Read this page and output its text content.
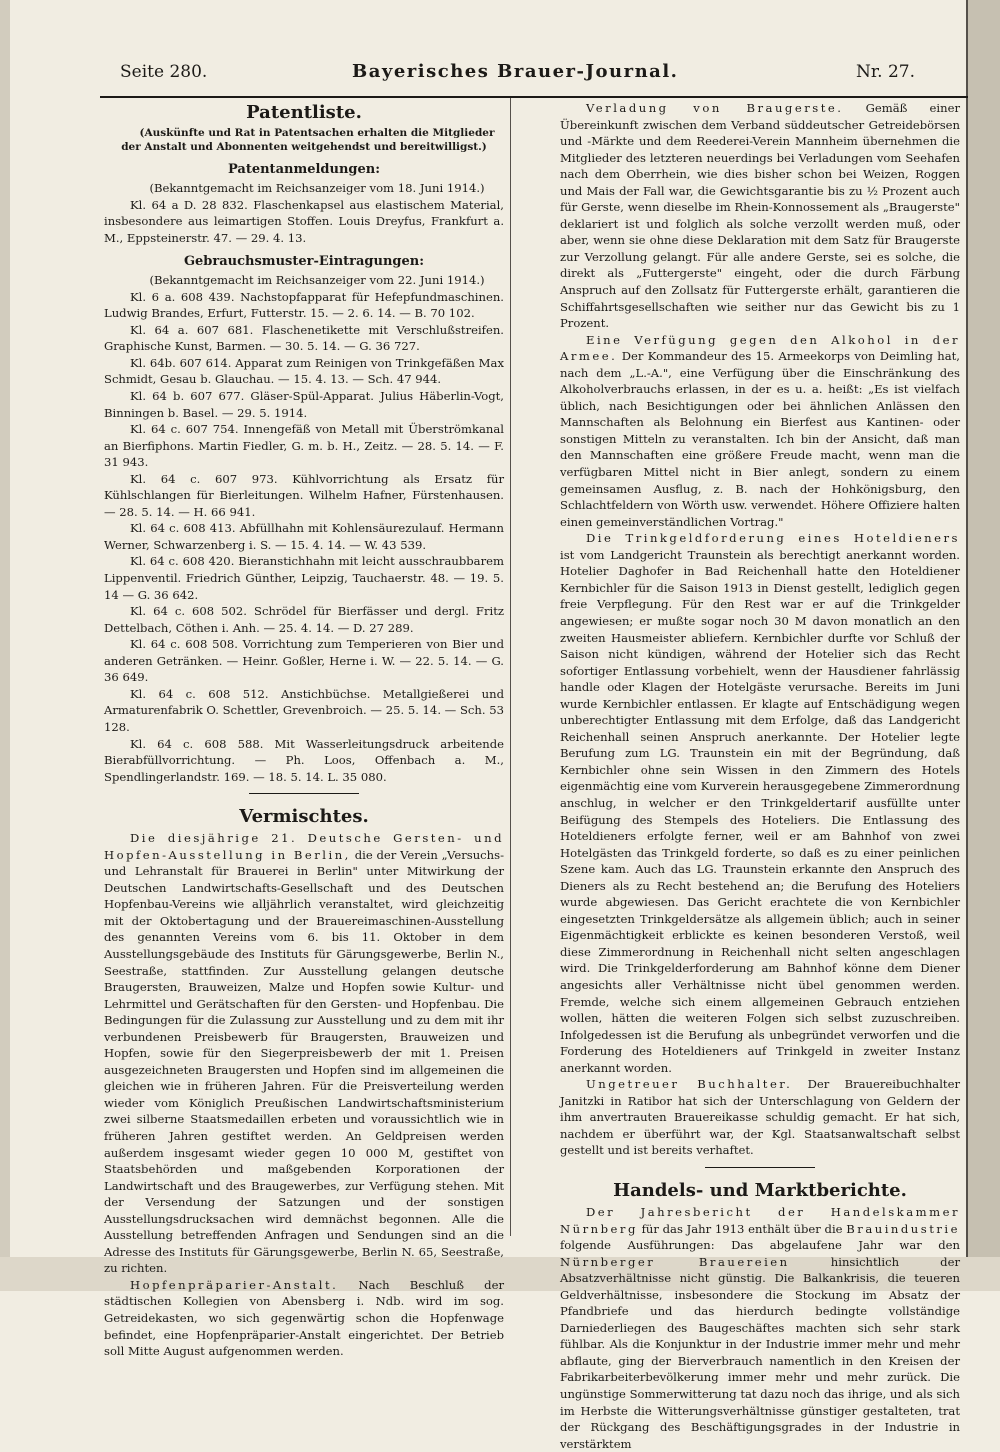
Seite 280.	Bayerisches Brauer-Journal.	Nr. 27.
Patentliste.

(Auskünfte und Rat in Patentsachen erhalten die Mitglieder der Anstalt und Abonnenten weitgehendst und bereitwilligst.)

Patentanmeldungen:

(Bekanntgemacht im Reichsanzeiger vom 18. Juni 1914.)

Kl. 64 a D. 28 832. Flaschenkapsel aus elastischem Material, insbesondere aus leimartigen Stoffen. Louis Dreyfus, Frankfurt a. M., Eppsteinerstr. 47. — 29. 4. 13.

Gebrauchsmuster-Eintragungen:

(Bekanntgemacht im Reichsanzeiger vom 22. Juni 1914.)

Kl. 6 a. 608 439. Nachstopfapparat für Hefepfundmaschinen. Ludwig Brandes, Erfurt, Futterstr. 15. — 2. 6. 14. — B. 70 102.

Kl. 64 a. 607 681. Flaschenetikette mit Verschlußstreifen. Graphische Kunst, Barmen. — 30. 5. 14. — G. 36 727.

Kl. 64b. 607 614. Apparat zum Reinigen von Trinkgefäßen Max Schmidt, Gesau b. Glauchau. — 15. 4. 13. — Sch. 47 944.

Kl. 64 b. 607 677. Gläser-Spül-Apparat. Julius Häberlin-Vogt, Binningen b. Basel. — 29. 5. 1914.

Kl. 64 c. 607 754. Innengefäß von Metall mit Überströmkanal an Bierfiphons. Martin Fiedler, G. m. b. H., Zeitz. — 28. 5. 14. — F. 31 943.

Kl. 64 c. 607 973. Kühlvorrichtung als Ersatz für Kühlschlangen für Bierleitungen. Wilhelm Hafner, Fürstenhausen. — 28. 5. 14. — H. 66 941.

Kl. 64 c. 608 413. Abfüllhahn mit Kohlensäurezulauf. Hermann Werner, Schwarzenberg i. S. — 15. 4. 14. — W. 43 539.

Kl. 64 c. 608 420. Bieranstichhahn mit leicht ausschraubbarem Lippenventil. Friedrich Günther, Leipzig, Tauchaerstr. 48. — 19. 5. 14 — G. 36 642.

Kl. 64 c. 608 502. Schrödel für Bierfässer und dergl. Fritz Dettelbach, Cöthen i. Anh. — 25. 4. 14. — D. 27 289.

Kl. 64 c. 608 508. Vorrichtung zum Temperieren von Bier und anderen Getränken. — Heinr. Goßler, Herne i. W. — 22. 5. 14. — G. 36 649.

Kl. 64 c. 608 512. Anstichbüchse. Metallgießerei und Armaturenfabrik O. Schettler, Grevenbroich. — 25. 5. 14. — Sch. 53 128.

Kl. 64 c. 608 588. Mit Wasserleitungsdruck arbeitende Bierabfüllvorrichtung. — Ph. Loos, Offenbach a. M., Spendlingerlandstr. 169. — 18. 5. 14. L. 35 080.

Vermischtes.

Die diesjährige 21. Deutsche Gersten- und Hopfen-Ausstellung in Berlin, die der Verein „Versuchs- und Lehranstalt für Brauerei in Berlin" unter Mitwirkung der Deutschen Landwirtschafts-Gesellschaft und des Deutschen Hopfenbau-Vereins wie alljährlich veranstaltet, wird gleichzeitig mit der Oktobertagung und der Brauereimaschinen-Ausstellung des genannten Vereins vom 6. bis 11. Oktober in dem Ausstellungsgebäude des Instituts für Gärungsgewerbe, Berlin N., Seestraße, stattfinden. Zur Ausstellung gelangen deutsche Braugersten, Brauweizen, Malze und Hopfen sowie Kultur- und Lehrmittel und Gerätschaften für den Gersten- und Hopfenbau. Die Bedingungen für die Zulassung zur Ausstellung und zu dem mit ihr verbundenen Preisbewerb für Braugersten, Brauweizen und Hopfen, sowie für den Siegerpreisbewerb der mit 1. Preisen ausgezeichneten Braugersten und Hopfen sind im allgemeinen die gleichen wie in früheren Jahren. Für die Preisverteilung werden wieder vom Königlich Preußischen Landwirtschaftsministerium zwei silberne Staatsmedaillen erbeten und voraussichtlich wie in früheren Jahren gestiftet werden. An Geldpreisen werden außerdem insgesamt wieder gegen 10 000 M, gestiftet von Staatsbehörden und maßgebenden Korporationen der Landwirtschaft und des Braugewerbes, zur Verfügung stehen. Mit der Versendung der Satzungen und der sonstigen Ausstellungsdrucksachen wird demnächst begonnen. Alle die Ausstellung betreffenden Anfragen und Sendungen sind an die Adresse des Instituts für Gärungsgewerbe, Berlin N. 65, Seestraße, zu richten.

Hopfenpräparier-Anstalt. Nach Beschluß der städtischen Kollegien von Abensberg i. Ndb. wird im sog. Getreidekasten, wo sich gegenwärtig schon die Hopfenwage befindet, eine Hopfenpräparier-Anstalt eingerichtet. Der Betrieb soll Mitte August aufgenommen werden.

Verladung von Braugerste. Gemäß einer Übereinkunft zwischen dem Verband süddeutscher Getreidebörsen und -Märkte und dem Reederei-Verein Mannheim übernehmen die Mitglieder des letzteren neuerdings bei Verladungen vom Seehafen nach dem Oberrhein, wie dies bisher schon bei Weizen, Roggen und Mais der Fall war, die Gewichtsgarantie bis zu ½ Prozent auch für Gerste, wenn dieselbe im Rhein-Konnossement als „Braugerste" deklariert ist und folglich als solche verzollt werden muß, oder aber, wenn sie ohne diese Deklaration mit dem Satz für Braugerste zur Verzollung gelangt. Für alle andere Gerste, sei es solche, die direkt als „Futtergerste" eingeht, oder die durch Färbung Anspruch auf den Zollsatz für Futtergerste erhält, garantieren die Schiffahrtsgesellschaften wie seither nur das Gewicht bis zu 1 Prozent.

Eine Verfügung gegen den Alkohol in der Armee. Der Kommandeur des 15. Armeekorps von Deimling hat, nach dem „L.-A.", eine Verfügung über die Einschränkung des Alkoholverbrauchs erlassen, in der es u. a. heißt: „Es ist vielfach üblich, nach Besichtigungen oder bei ähnlichen Anlässen den Mannschaften als Belohnung ein Bierfest aus Kantinen- oder sonstigen Mitteln zu veranstalten. Ich bin der Ansicht, daß man den Mannschaften eine größere Freude macht, wenn man die verfügbaren Mittel nicht in Bier anlegt, sondern zu einem gemeinsamen Ausflug, z. B. nach der Hohkönigsburg, den Schlachtfeldern von Wörth usw. verwendet. Höhere Offiziere halten einen gemeinverständlichen Vortrag."

Die Trinkgeldforderung eines Hoteldieners ist vom Landgericht Traunstein als berechtigt anerkannt worden. Hotelier Daghofer in Bad Reichenhall hatte den Hoteldiener Kernbichler für die Saison 1913 in Dienst gestellt, lediglich gegen freie Verpflegung. Für den Rest war er auf die Trinkgelder angewiesen; er mußte sogar noch 30 M davon monatlich an den zweiten Hausmeister abliefern. Kernbichler durfte vor Schluß der Saison nicht kündigen, während der Hotelier sich das Recht sofortiger Entlassung vorbehielt, wenn der Hausdiener fahrlässig handle oder Klagen der Hotelgäste verursache. Bereits im Juni wurde Kernbichler entlassen. Er klagte auf Entschädigung wegen unberechtigter Entlassung mit dem Erfolge, daß das Landgericht Reichenhall seinen Anspruch anerkannte. Der Hotelier legte Berufung zum LG. Traunstein ein mit der Begründung, daß Kernbichler ohne sein Wissen in den Zimmern des Hotels eigenmächtig eine vom Kurverein herausgegebene Zimmerordnung anschlug, in welcher er den Trinkgeldertarif ausfüllte unter Beifügung des Stempels des Hoteliers. Die Entlassung des Hoteldieners erfolgte ferner, weil er am Bahnhof von zwei Hotelgästen das Trinkgeld forderte, so daß es zu einer peinlichen Szene kam. Auch das LG. Traunstein erkannte den Anspruch des Dieners als zu Recht bestehend an; die Berufung des Hoteliers wurde abgewiesen. Das Gericht erachtete die von Kernbichler eingesetzten Trinkgeldersätze als allgemein üblich; auch in seiner Eigenmächtigkeit erblickte es keinen besonderen Verstoß, weil diese Zimmerordnung in Reichenhall nicht selten angeschlagen wird. Die Trinkgelderforderung am Bahnhof könne dem Diener angesichts aller Verhältnisse nicht übel genommen werden. Fremde, welche sich einem allgemeinen Gebrauch entziehen wollen, hätten die weiteren Folgen sich selbst zuzuschreiben. Infolgedessen ist die Berufung als unbegründet verworfen und die Forderung des Hoteldieners auf Trinkgeld in zweiter Instanz anerkannt worden.

Ungetreuer Buchhalter. Der Brauereibuchhalter Janitzki in Ratibor hat sich der Unterschlagung von Geldern der ihm anvertrauten Brauereikasse schuldig gemacht. Er hat sich, nachdem er überführt war, der Kgl. Staatsanwaltschaft selbst gestellt und ist bereits verhaftet.

Handels- und Marktberichte.

Der Jahresbericht der Handelskammer Nürnberg für das Jahr 1913 enthält über die Brauindustrie folgende Ausführungen: Das abgelaufene Jahr war den Nürnberger Brauereien	hinsichtlich der Absatzverhältnisse nicht günstig. Die Balkankrisis, die teueren Geldverhältnisse, insbesondere die Stockung im Absatz der Pfandbriefe und das hierdurch bedingte vollständige Darniederliegen des Baugeschäftes machten sich sehr stark fühlbar. Als die Konjunktur in der Industrie immer mehr und mehr abflaute, ging der Bierverbrauch namentlich in den Kreisen der Fabrikarbeiterbevölkerung immer mehr und mehr zurück. Die ungünstige Sommerwitterung tat dazu noch das ihrige, und als sich im Herbste die Witterungsverhältnisse günstiger gestalteten, trat der Rückgang des Beschäftigungsgrades in der Industrie in verstärktem
